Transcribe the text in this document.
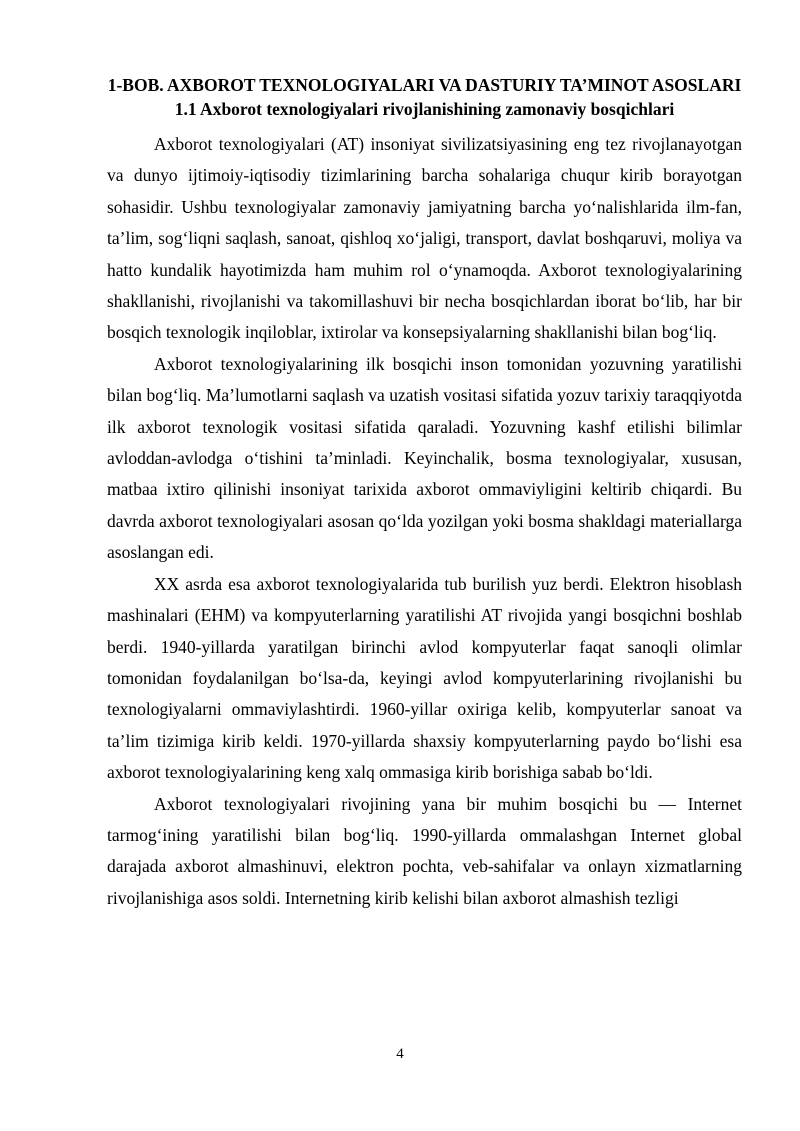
1-BOB. AXBOROT TEXNOLOGIYALARI VA DASTURIY TA’MINOT ASOSLARI
1.1 Axborot texnologiyalari rivojlanishining zamonaviy bosqichlari

Axborot texnologiyalari (AT) insoniyat sivilizatsiyasining eng tez rivojlanayotgan va dunyo ijtimoiy-iqtisodiy tizimlarining barcha sohalariga chuqur kirib borayotgan sohasidir. Ushbu texnologiyalar zamonaviy jamiyatning barcha yo‘nalishlarida ilm-fan, ta’lim, sog‘liqni saqlash, sanoat, qishloq xo‘jaligi, transport, davlat boshqaruvi, moliya va hatto kundalik hayotimizda ham muhim rol o‘ynamoqda. Axborot texnologiyalarining shakllanishi, rivojlanishi va takomillashuvi bir necha bosqichlardan iborat bo‘lib, har bir bosqich texnologik inqiloblar, ixtirolar va konsepsiyalarning shakllanishi bilan bog‘liq.

Axborot texnologiyalarining ilk bosqichi inson tomonidan yozuvning yaratilishi bilan bog‘liq. Ma’lumotlarni saqlash va uzatish vositasi sifatida yozuv tarixiy taraqqiyotda ilk axborot texnologik vositasi sifatida qaraladi. Yozuvning kashf etilishi bilimlar avloddan-avlodga o‘tishini ta’minladi. Keyinchalik, bosma texnologiyalar, xususan, matbaa ixtiro qilinishi insoniyat tarixida axborot ommaviyligini keltirib chiqardi. Bu davrda axborot texnologiyalari asosan qo‘lda yozilgan yoki bosma shakldagi materiallarga asoslangan edi.

XX asrda esa axborot texnologiyalarida tub burilish yuz berdi. Elektron hisoblash mashinalari (EHM) va kompyuterlarning yaratilishi AT rivojida yangi bosqichni boshlab berdi. 1940-yillarda yaratilgan birinchi avlod kompyuterlar faqat sanoqli olimlar tomonidan foydalanilgan bo‘lsa-da, keyingi avlod kompyuterlarining rivojlanishi bu texnologiyalarni ommaviylashtirdi. 1960-yillar oxiriga kelib, kompyuterlar sanoat va ta’lim tizimiga kirib keldi. 1970-yillarda shaxsiy kompyuterlarning paydo bo‘lishi esa axborot texnologiyalarining keng xalq ommasiga kirib borishiga sabab bo‘ldi.

Axborot texnologiyalari rivojining yana bir muhim bosqichi bu — Internet tarmog‘ining yaratilishi bilan bog‘liq. 1990-yillarda ommalashgan Internet global darajada axborot almashinuvi, elektron pochta, veb-sahifalar va onlayn xizmatlarning rivojlanishiga asos soldi. Internetning kirib kelishi bilan axborot almashish tezligi

4
